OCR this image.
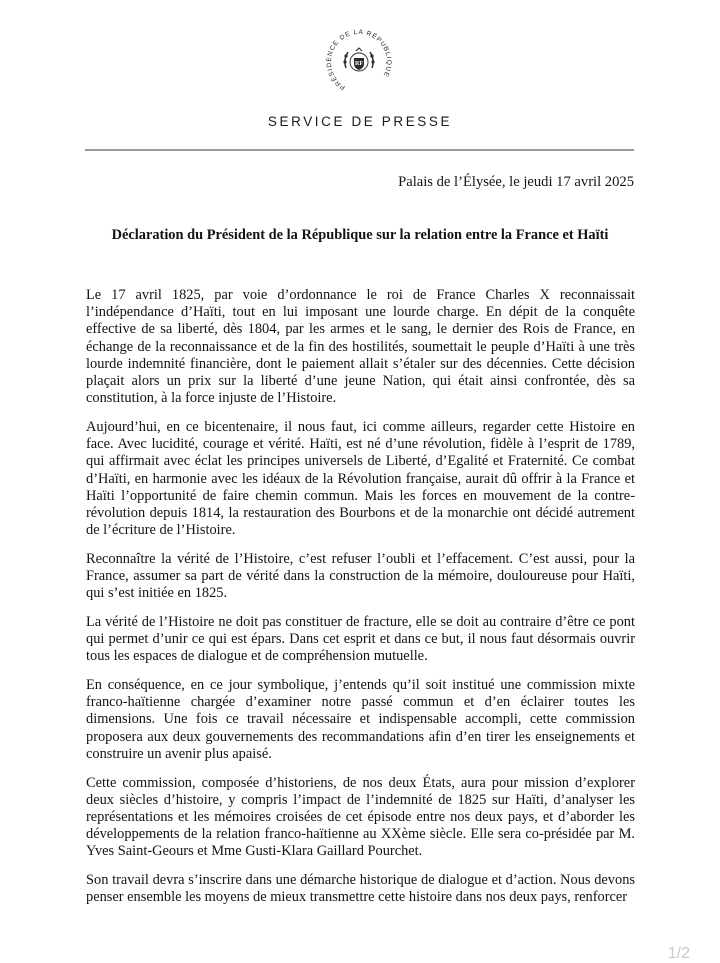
PRÉSIDENCE DE LA RÉPUBLIQUE
RF
SERVICE DE PRESSE
Palais de l’Élysée, le jeudi 17 avril 2025
Déclaration du Président de la République sur la relation entre la France et Haïti

Le 17 avril 1825, par voie d’ordonnance le roi de France Charles X reconnaissait l’indépendance d’Haïti, tout en lui imposant une lourde charge. En dépit de la conquête effective de sa liberté, dès 1804, par les armes et le sang, le dernier des Rois de France, en échange de la reconnaissance et de la fin des hostilités, soumettait le peuple d’Haïti à une très lourde indemnité financière, dont le paiement allait s’étaler sur des décennies. Cette décision plaçait alors un prix sur la liberté d’une jeune Nation, qui était ainsi confrontée, dès sa constitution, à la force injuste de l’Histoire.

Aujourd’hui, en ce bicentenaire, il nous faut, ici comme ailleurs, regarder cette Histoire en face. Avec lucidité, courage et vérité. Haïti, est né d’une révolution, fidèle à l’esprit de 1789, qui affirmait avec éclat les principes universels de Liberté, d’Egalité et Fraternité. Ce combat d’Haïti, en harmonie avec les idéaux de la Révolution française, aurait dû offrir à la France et Haïti l’opportunité de faire chemin commun. Mais les forces en mouvement de la contre-révolution depuis 1814, la restauration des Bourbons et de la monarchie ont décidé autrement de l’écriture de l’Histoire.

Reconnaître la vérité de l’Histoire, c’est refuser l’oubli et l’effacement. C’est aussi, pour la France, assumer sa part de vérité dans la construction de la mémoire, douloureuse pour Haïti, qui s’est initiée en 1825.

La vérité de l’Histoire ne doit pas constituer de fracture, elle se doit au contraire d’être ce pont qui permet d’unir ce qui est épars. Dans cet esprit et dans ce but, il nous faut désormais ouvrir tous les espaces de dialogue et de compréhension mutuelle.

En conséquence, en ce jour symbolique, j’entends qu’il soit institué une commission mixte franco-haïtienne chargée d’examiner notre passé commun et d’en éclairer toutes les dimensions. Une fois ce travail nécessaire et indispensable accompli, cette commission proposera aux deux gouvernements des recommandations afin d’en tirer les enseignements et construire un avenir plus apaisé.

Cette commission, composée d’historiens, de nos deux États, aura pour mission d’explorer deux siècles d’histoire, y compris l’impact de l’indemnité de 1825 sur Haïti, d’analyser les représentations et les mémoires croisées de cet épisode entre nos deux pays, et d’aborder les développements de la relation franco-haïtienne au XXème siècle. Elle sera co-présidée par M. Yves Saint-Geours et Mme Gusti-Klara Gaillard Pourchet.

Son travail devra s’inscrire dans une démarche historique de dialogue et d’action. Nous devons penser ensemble les moyens de mieux transmettre cette histoire dans nos deux pays, renforcer

1/2
